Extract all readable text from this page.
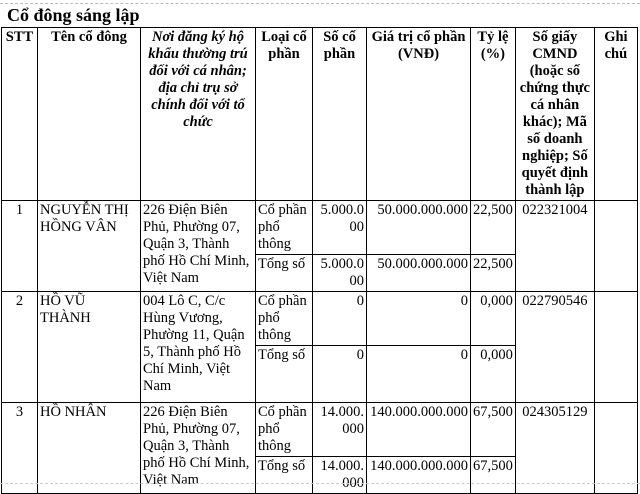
Cổ đông sáng lập
STT	Tên cổ đông	Nơi đăng ký hộ khẩu thường trú đối với cá nhân; địa chỉ trụ sở chính đối với tổ chức	Loại cổ phần	Số cổ phần	Giá trị cổ phần (VNĐ)	Tỷ lệ (%)	Số giấy CMND (hoặc số chứng thực cá nhân khác); Mã số doanh nghiệp; Số quyết định thành lập	Ghi chú
1	NGUYỄN THỊ HỒNG VÂN	226 Điện Biên Phủ, Phường 07, Quận 3, Thành phố Hồ Chí Minh, Việt Nam	Cổ phần phổ thông	5.000.000	50.000.000.000	22,500	022321004	
			Tổng số	5.000.000	50.000.000.000	22,500		
2	HỒ VŨ THÀNH	004 Lô C, C/c Hùng Vương, Phường 11, Quận 5, Thành phố Hồ Chí Minh, Việt Nam	Cổ phần phổ thông	0	0	0,000	022790546	
			Tổng số	0	0	0,000		
3	HỒ NHÂN	226 Điện Biên Phủ, Phường 07, Quận 3, Thành phố Hồ Chí Minh, Việt Nam	Cổ phần phổ thông	14.000.000	140.000.000.000	67,500	024305129	
			Tổng số	14.000.000	140.000.000.000	67,500		
